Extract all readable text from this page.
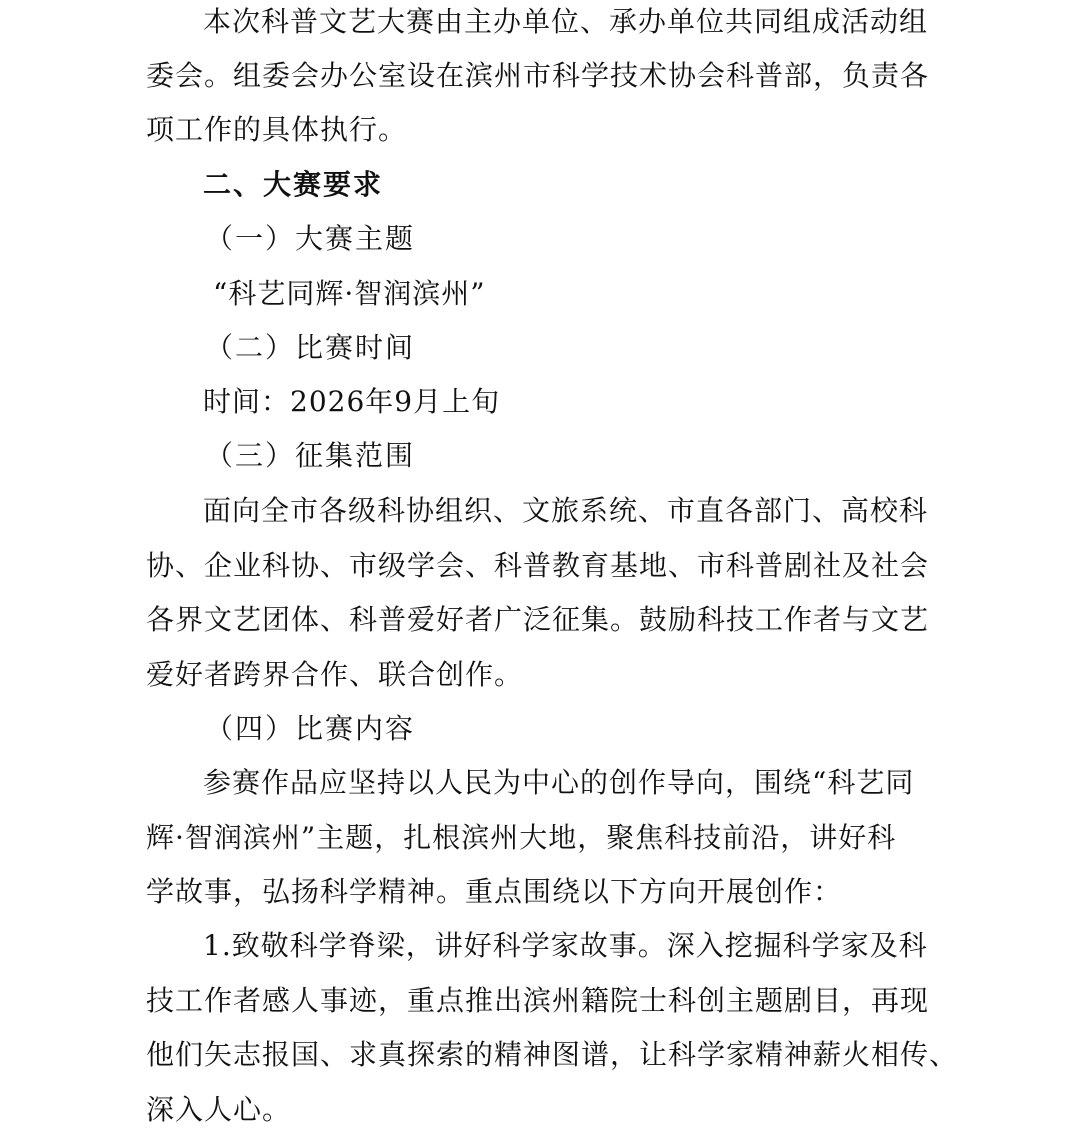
本次科普文艺大赛由主办单位、承办单位共同组成活动组
委会。组委会办公室设在滨州市科学技术协会科普部，负责各
项工作的具体执行。
二、大赛要求
（一）大赛主题
“科艺同辉·智润滨州”
（二）比赛时间
时间：2026年9月上旬
（三）征集范围
面向全市各级科协组织、文旅系统、市直各部门、高校科
协、企业科协、市级学会、科普教育基地、市科普剧社及社会
各界文艺团体、科普爱好者广泛征集。鼓励科技工作者与文艺
爱好者跨界合作、联合创作。
（四）比赛内容
参赛作品应坚持以人民为中心的创作导向，围绕“科艺同
辉·智润滨州”主题，扎根滨州大地，聚焦科技前沿，讲好科
学故事，弘扬科学精神。重点围绕以下方向开展创作：
1.致敬科学脊梁，讲好科学家故事。深入挖掘科学家及科
技工作者感人事迹，重点推出滨州籍院士科创主题剧目，再现
他们矢志报国、求真探索的精神图谱，让科学家精神薪火相传、
深入人心。
